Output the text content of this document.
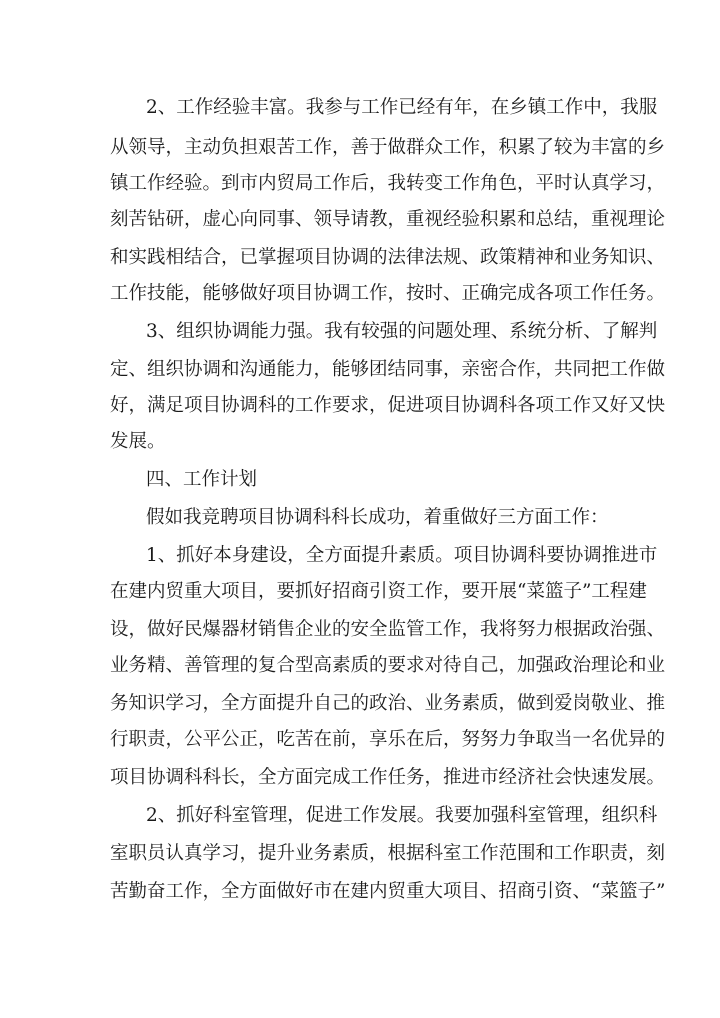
2、工作经验丰富。我参与工作已经有年，在乡镇工作中，我服
从领导，主动负担艰苦工作，善于做群众工作，积累了较为丰富的乡
镇工作经验。到市内贸局工作后，我转变工作角色，平时认真学习，
刻苦钻研，虚心向同事、领导请教，重视经验积累和总结，重视理论
和实践相结合，已掌握项目协调的法律法规、政策精神和业务知识、
工作技能，能够做好项目协调工作，按时、正确完成各项工作任务。
3、组织协调能力强。我有较强的问题处理、系统分析、了解判
定、组织协调和沟通能力，能够团结同事，亲密合作，共同把工作做
好，满足项目协调科的工作要求，促进项目协调科各项工作又好又快
发展。
四、工作计划
假如我竞聘项目协调科科长成功，着重做好三方面工作：
1、抓好本身建设，全方面提升素质。项目协调科要协调推进市
在建内贸重大项目，要抓好招商引资工作，要开展“菜篮子”工程建
设，做好民爆器材销售企业的安全监管工作，我将努力根据政治强、
业务精、善管理的复合型高素质的要求对待自己，加强政治理论和业
务知识学习，全方面提升自己的政治、业务素质，做到爱岗敬业、推
行职责，公平公正，吃苦在前，享乐在后，努努力争取当一名优异的
项目协调科科长，全方面完成工作任务，推进市经济社会快速发展。
2、抓好科室管理，促进工作发展。我要加强科室管理，组织科
室职员认真学习，提升业务素质，根据科室工作范围和工作职责，刻
苦勤奋工作，全方面做好市在建内贸重大项目、招商引资、“菜篮子”
